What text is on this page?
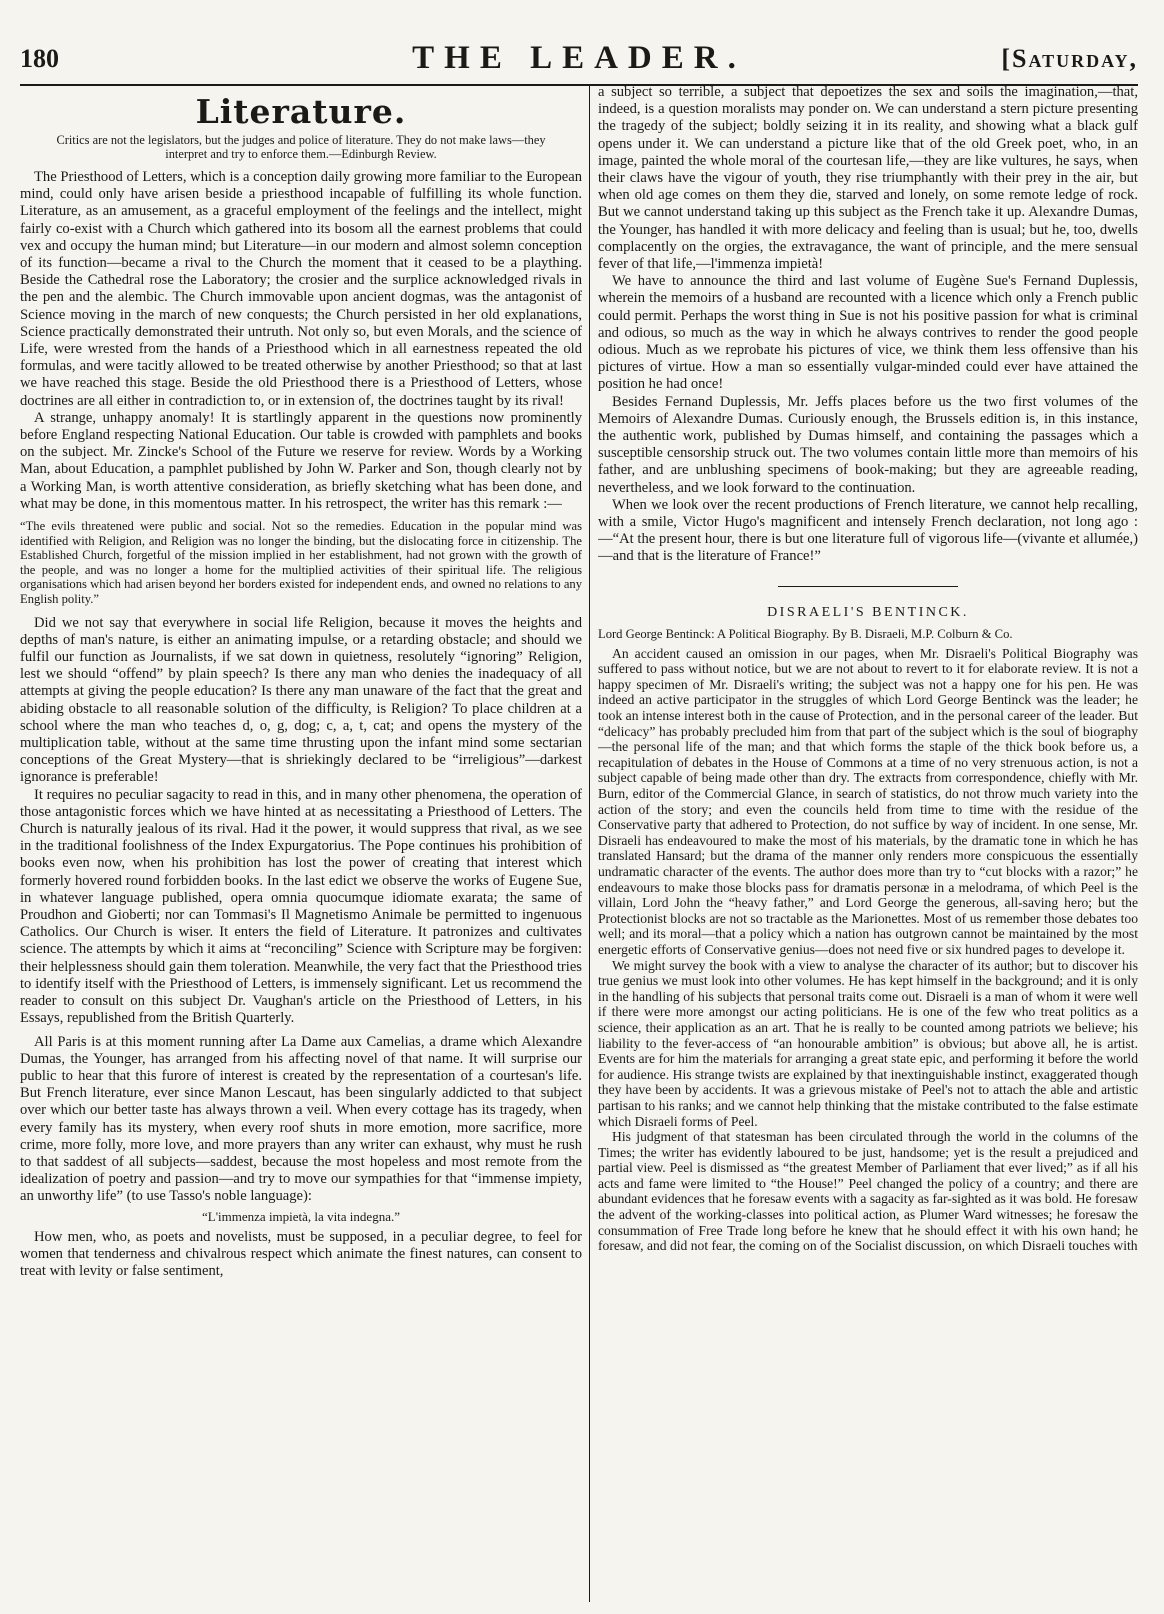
180	THE LEADER.	[Saturday,
Literature.
Critics are not the legislators, but the judges and police of literature. They do not make laws—they interpret and try to enforce them.—Edinburgh Review.

The Priesthood of Letters, which is a conception daily growing more familiar to the European mind, could only have arisen beside a priesthood incapable of fulfilling its whole function. Literature, as an amusement, as a graceful employment of the feelings and the intellect, might fairly co-exist with a Church which gathered into its bosom all the earnest problems that could vex and occupy the human mind; but Literature—in our modern and almost solemn conception of its function—became a rival to the Church the moment that it ceased to be a plaything. Beside the Cathedral rose the Laboratory; the crosier and the surplice acknowledged rivals in the pen and the alembic. The Church immovable upon ancient dogmas, was the antagonist of Science moving in the march of new conquests; the Church persisted in her old explanations, Science practically demonstrated their untruth. Not only so, but even Morals, and the science of Life, were wrested from the hands of a Priesthood which in all earnestness repeated the old formulas, and were tacitly allowed to be treated otherwise by another Priesthood; so that at last we have reached this stage. Beside the old Priesthood there is a Priesthood of Letters, whose doctrines are all either in contradiction to, or in extension of, the doctrines taught by its rival!

A strange, unhappy anomaly! It is startlingly apparent in the questions now prominently before England respecting National Education. Our table is crowded with pamphlets and books on the subject. Mr. Zincke's School of the Future we reserve for review. Words by a Working Man, about Education, a pamphlet published by John W. Parker and Son, though clearly not by a Working Man, is worth attentive consideration, as briefly sketching what has been done, and what may be done, in this momentous matter. In his retrospect, the writer has this remark :—

“The evils threatened were public and social. Not so the remedies. Education in the popular mind was identified with Religion, and Religion was no longer the binding, but the dislocating force in citizenship. The Established Church, forgetful of the mission implied in her establishment, had not grown with the growth of the people, and was no longer a home for the multiplied activities of their spiritual life. The religious organisations which had arisen beyond her borders existed for independent ends, and owned no relations to any English polity.”

Did we not say that everywhere in social life Religion, because it moves the heights and depths of man's nature, is either an animating impulse, or a retarding obstacle; and should we fulfil our function as Journalists, if we sat down in quietness, resolutely “ignoring” Religion, lest we should “offend” by plain speech? Is there any man who denies the inadequacy of all attempts at giving the people education? Is there any man unaware of the fact that the great and abiding obstacle to all reasonable solution of the difficulty, is Religion? To place children at a school where the man who teaches d, o, g, dog; c, a, t, cat; and opens the mystery of the multiplication table, without at the same time thrusting upon the infant mind some sectarian conceptions of the Great Mystery—that is shriekingly declared to be “irreligious”—darkest ignorance is preferable!

It requires no peculiar sagacity to read in this, and in many other phenomena, the operation of those antagonistic forces which we have hinted at as necessitating a Priesthood of Letters. The Church is naturally jealous of its rival. Had it the power, it would suppress that rival, as we see in the traditional foolishness of the Index Expurgatorius. The Pope continues his prohibition of books even now, when his prohibition has lost the power of creating that interest which formerly hovered round forbidden books. In the last edict we observe the works of Eugene Sue, in whatever language published, opera omnia quocumque idiomate exarata; the same of Proudhon and Gioberti; nor can Tommasi's Il Magnetismo Animale be permitted to ingenuous Catholics. Our Church is wiser. It enters the field of Literature. It patronizes and cultivates science. The attempts by which it aims at “reconciling” Science with Scripture may be forgiven: their helplessness should gain them toleration. Meanwhile, the very fact that the Priesthood tries to identify itself with the Priesthood of Letters, is immensely significant. Let us recommend the reader to consult on this subject Dr. Vaughan's article on the Priesthood of Letters, in his Essays, republished from the British Quarterly.

All Paris is at this moment running after La Dame aux Camelias, a drame which Alexandre Dumas, the Younger, has arranged from his affecting novel of that name. It will surprise our public to hear that this furore of interest is created by the representation of a courtesan's life. But French literature, ever since Manon Lescaut, has been singularly addicted to that subject over which our better taste has always thrown a veil. When every cottage has its tragedy, when every family has its mystery, when every roof shuts in more emotion, more sacrifice, more crime, more folly, more love, and more prayers than any writer can exhaust, why must he rush to that saddest of all subjects—saddest, because the most hopeless and most remote from the idealization of poetry and passion—and try to move our sympathies for that “immense impiety, an unworthy life” (to use Tasso's noble language):

“L'immenza impietà, la vita indegna.”

How men, who, as poets and novelists, must be supposed, in a peculiar degree, to feel for women that tenderness and chivalrous respect which animate the finest natures, can consent to treat with levity or false sentiment,

a subject so terrible, a subject that depoetizes the sex and soils the imagination,—that, indeed, is a question moralists may ponder on. We can understand a stern picture presenting the tragedy of the subject; boldly seizing it in its reality, and showing what a black gulf opens under it. We can understand a picture like that of the old Greek poet, who, in an image, painted the whole moral of the courtesan life,—they are like vultures, he says, when their claws have the vigour of youth, they rise triumphantly with their prey in the air, but when old age comes on them they die, starved and lonely, on some remote ledge of rock. But we cannot understand taking up this subject as the French take it up. Alexandre Dumas, the Younger, has handled it with more delicacy and feeling than is usual; but he, too, dwells complacently on the orgies, the extravagance, the want of principle, and the mere sensual fever of that life,—l'immenza impietà!

We have to announce the third and last volume of Eugène Sue's Fernand Duplessis, wherein the memoirs of a husband are recounted with a licence which only a French public could permit. Perhaps the worst thing in Sue is not his positive passion for what is criminal and odious, so much as the way in which he always contrives to render the good people odious. Much as we reprobate his pictures of vice, we think them less offensive than his pictures of virtue. How a man so essentially vulgar-minded could ever have attained the position he had once!

Besides Fernand Duplessis, Mr. Jeffs places before us the two first volumes of the Memoirs of Alexandre Dumas. Curiously enough, the Brussels edition is, in this instance, the authentic work, published by Dumas himself, and containing the passages which a susceptible censorship struck out. The two volumes contain little more than memoirs of his father, and are unblushing specimens of book-making; but they are agreeable reading, nevertheless, and we look forward to the continuation.

When we look over the recent productions of French literature, we cannot help recalling, with a smile, Victor Hugo's magnificent and intensely French declaration, not long ago :—“At the present hour, there is but one literature full of vigorous life—(vivante et allumée,)—and that is the literature of France!”

DISRAELI'S BENTINCK.
Lord George Bentinck: A Political Biography. By B. Disraeli, M.P. Colburn & Co.

An accident caused an omission in our pages, when Mr. Disraeli's Political Biography was suffered to pass without notice, but we are not about to revert to it for elaborate review. It is not a happy specimen of Mr. Disraeli's writing; the subject was not a happy one for his pen. He was indeed an active participator in the struggles of which Lord George Bentinck was the leader; he took an intense interest both in the cause of Protection, and in the personal career of the leader. But “delicacy” has probably precluded him from that part of the subject which is the soul of biography—the personal life of the man; and that which forms the staple of the thick book before us, a recapitulation of debates in the House of Commons at a time of no very strenuous action, is not a subject capable of being made other than dry. The extracts from correspondence, chiefly with Mr. Burn, editor of the Commercial Glance, in search of statistics, do not throw much variety into the action of the story; and even the councils held from time to time with the residue of the Conservative party that adhered to Protection, do not suffice by way of incident. In one sense, Mr. Disraeli has endeavoured to make the most of his materials, by the dramatic tone in which he has translated Hansard; but the drama of the manner only renders more conspicuous the essentially undramatic character of the events. The author does more than try to “cut blocks with a razor;” he endeavours to make those blocks pass for dramatis personæ in a melodrama, of which Peel is the villain, Lord John the “heavy father,” and Lord George the generous, all-saving hero; but the Protectionist blocks are not so tractable as the Marionettes. Most of us remember those debates too well; and its moral—that a policy which a nation has outgrown cannot be maintained by the most energetic efforts of Conservative genius—does not need five or six hundred pages to develope it.

We might survey the book with a view to analyse the character of its author; but to discover his true genius we must look into other volumes. He has kept himself in the background; and it is only in the handling of his subjects that personal traits come out. Disraeli is a man of whom it were well if there were more amongst our acting politicians. He is one of the few who treat politics as a science, their application as an art. That he is really to be counted among patriots we believe; his liability to the fever-access of “an honourable ambition” is obvious; but above all, he is artist. Events are for him the materials for arranging a great state epic, and performing it before the world for audience. His strange twists are explained by that inextinguishable instinct, exaggerated though they have been by accidents. It was a grievous mistake of Peel's not to attach the able and artistic partisan to his ranks; and we cannot help thinking that the mistake contributed to the false estimate which Disraeli forms of Peel.

His judgment of that statesman has been circulated through the world in the columns of the Times; the writer has evidently laboured to be just, handsome; yet is the result a prejudiced and partial view. Peel is dismissed as “the greatest Member of Parliament that ever lived;” as if all his acts and fame were limited to “the House!” Peel changed the policy of a country; and there are abundant evidences that he foresaw events with a sagacity as far-sighted as it was bold. He foresaw the advent of the working-classes into political action, as Plumer Ward witnesses; he foresaw the consummation of Free Trade long before he knew that he should effect it with his own hand; he foresaw, and did not fear, the coming on of the Socialist discussion, on which Disraeli touches with
